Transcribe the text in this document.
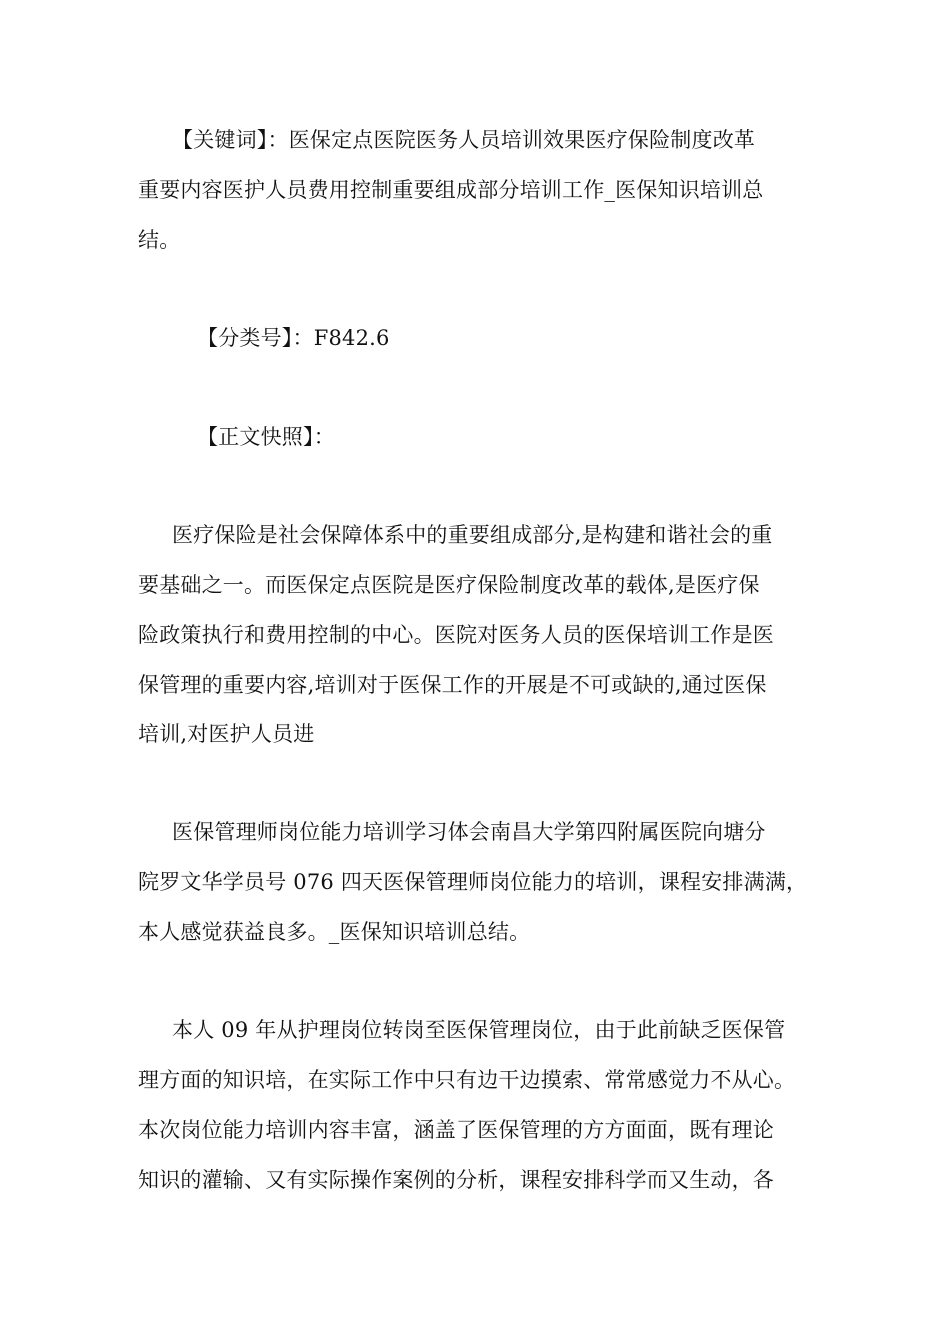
【关键词】：医保定点医院医务人员培训效果医疗保险制度改革
重要内容医护人员费用控制重要组成部分培训工作_医保知识培训总
结。
【分类号】：F842.6
【正文快照】：
医疗保险是社会保障体系中的重要组成部分,是构建和谐社会的重
要基础之一。而医保定点医院是医疗保险制度改革的载体,是医疗保
险政策执行和费用控制的中心。医院对医务人员的医保培训工作是医
保管理的重要内容,培训对于医保工作的开展是不可或缺的,通过医保
培训,对医护人员进
医保管理师岗位能力培训学习体会南昌大学第四附属医院向塘分
院罗文华学员号 076 四天医保管理师岗位能力的培训，课程安排满满，
本人感觉获益良多。_医保知识培训总结。
本人 09 年从护理岗位转岗至医保管理岗位，由于此前缺乏医保管
理方面的知识培，在实际工作中只有边干边摸索、常常感觉力不从心。
本次岗位能力培训内容丰富，涵盖了医保管理的方方面面，既有理论
知识的灌输、又有实际操作案例的分析，课程安排科学而又生动，各
